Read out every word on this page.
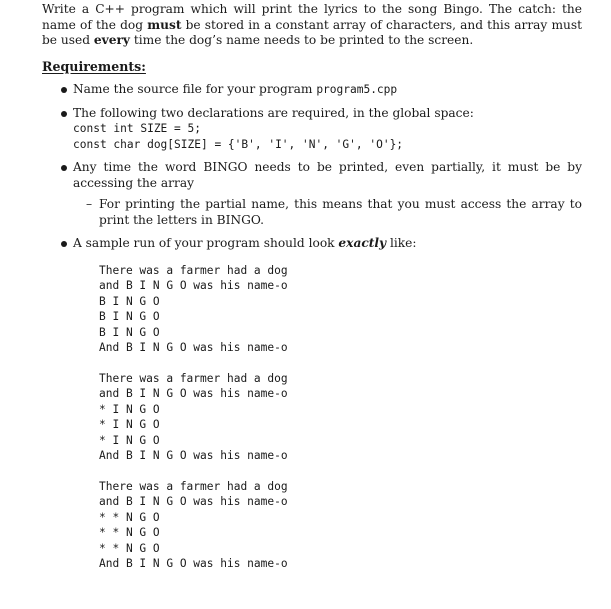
Write a C++ program which will print the lyrics to the song Bingo. The catch: the name of the dog must be stored in a constant array of characters, and this array must be used every time the dog’s name needs to be printed to the screen.

Requirements:
Name the source file for your program program5.cpp
The following two declarations are required, in the global space:
const int SIZE = 5;
const char dog[SIZE] = {'B', 'I', 'N', 'G', 'O'};
Any time the word BINGO needs to be printed, even partially, it must be by accessing the array
– For printing the partial name, this means that you must access the array to print the letters in BINGO.
A sample run of your program should look exactly like:
There was a farmer had a dog
and B I N G O was his name-o
B I N G O
B I N G O
B I N G O
And B I N G O was his name-o
There was a farmer had a dog
and B I N G O was his name-o
* I N G O
* I N G O
* I N G O
And B I N G O was his name-o
There was a farmer had a dog
and B I N G O was his name-o
* * N G O
* * N G O
* * N G O
And B I N G O was his name-o
